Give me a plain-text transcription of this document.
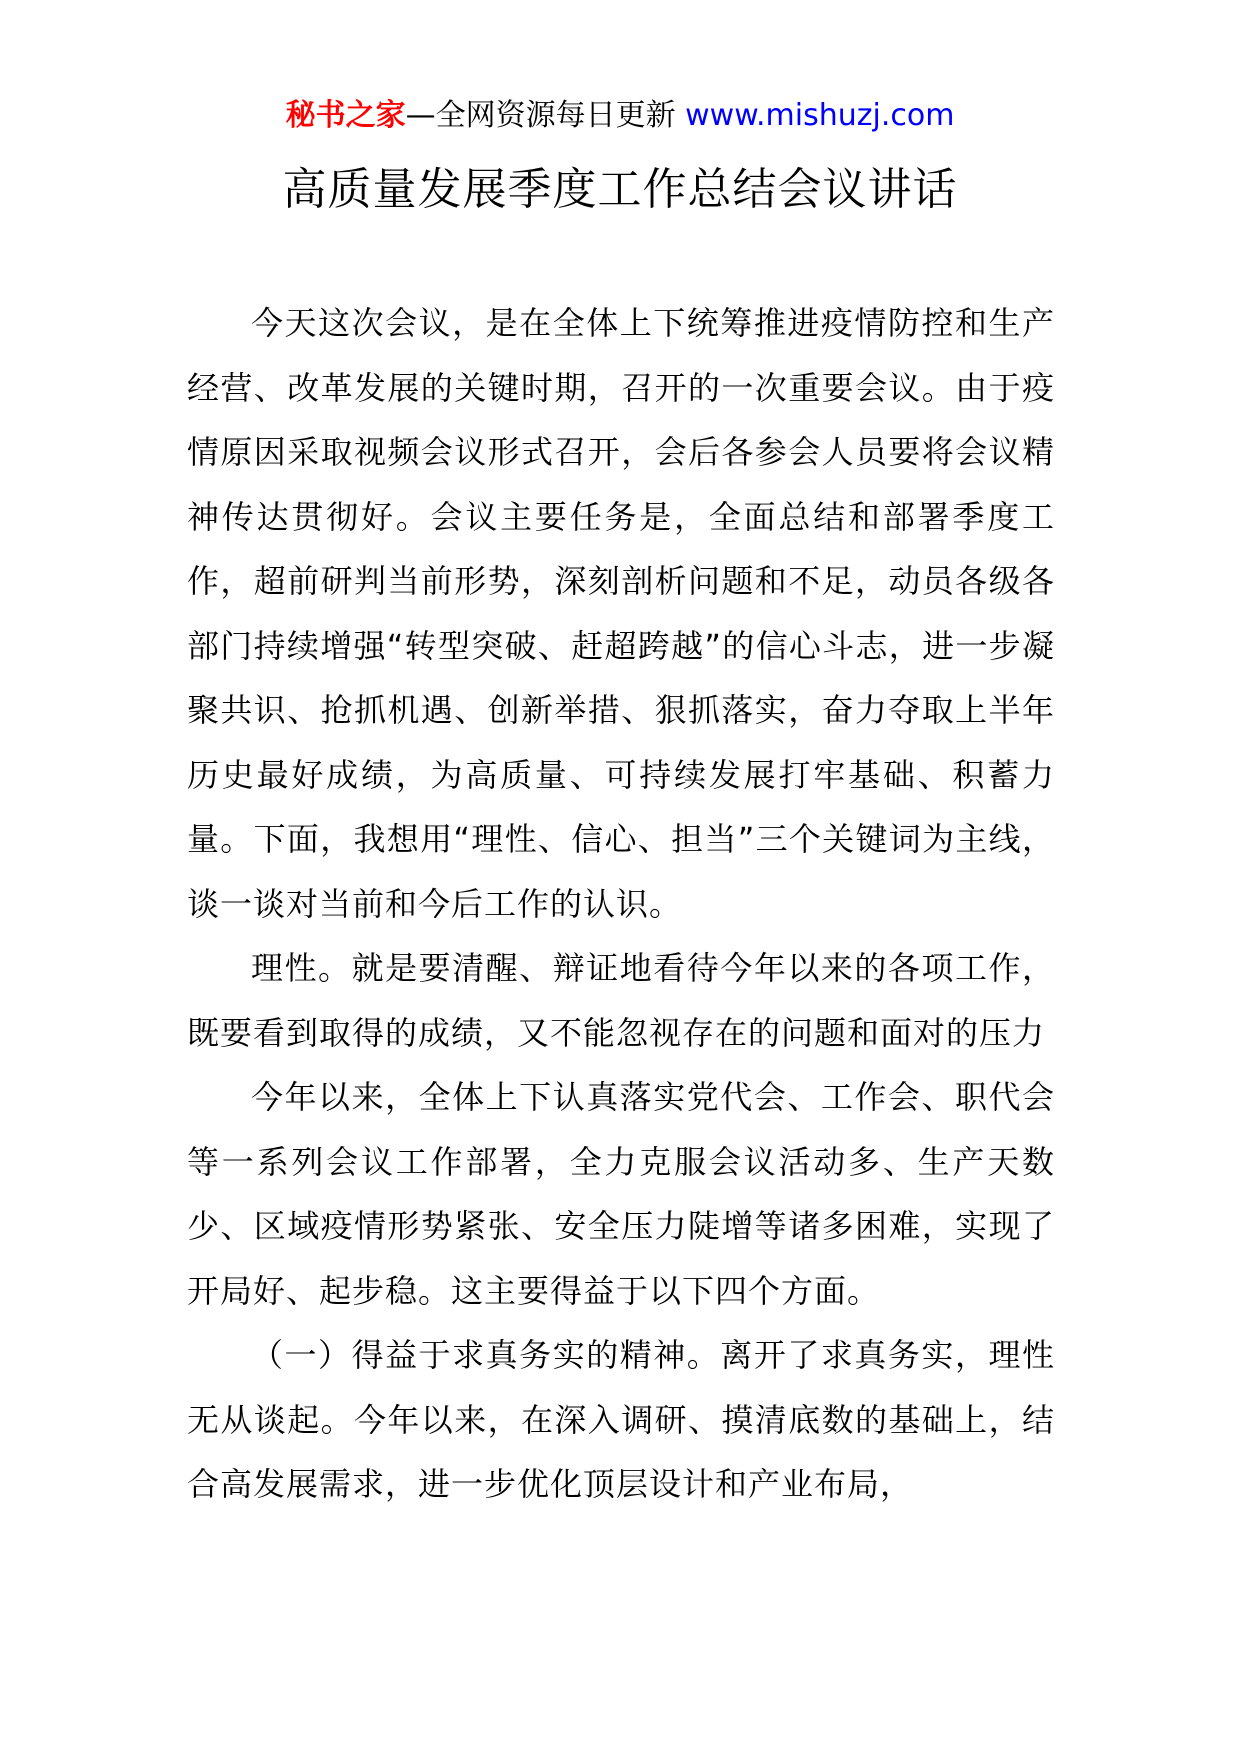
秘书之家—全网资源每日更新 www.mishuzj.com
高质量发展季度工作总结会议讲话

今天这次会议，是在全体上下统筹推进疫情防控和生产经营、改革发展的关键时期，召开的一次重要会议。由于疫情原因采取视频会议形式召开，会后各参会人员要将会议精神传达贯彻好。会议主要任务是，全面总结和部署季度工作，超前研判当前形势，深刻剖析问题和不足，动员各级各部门持续增强“转型突破、赶超跨越”的信心斗志，进一步凝聚共识、抢抓机遇、创新举措、狠抓落实，奋力夺取上半年历史最好成绩，为高质量、可持续发展打牢基础、积蓄力量。下面，我想用“理性、信心、担当”三个关键词为主线，谈一谈对当前和今后工作的认识。

理性。就是要清醒、辩证地看待今年以来的各项工作，既要看到取得的成绩，又不能忽视存在的问题和面对的压力

今年以来，全体上下认真落实党代会、工作会、职代会等一系列会议工作部署，全力克服会议活动多、生产天数少、区域疫情形势紧张、安全压力陡增等诸多困难，实现了开局好、起步稳。这主要得益于以下四个方面。

（一）得益于求真务实的精神。离开了求真务实，理性无从谈起。今年以来，在深入调研、摸清底数的基础上，结合高发展需求，进一步优化顶层设计和产业布局，
